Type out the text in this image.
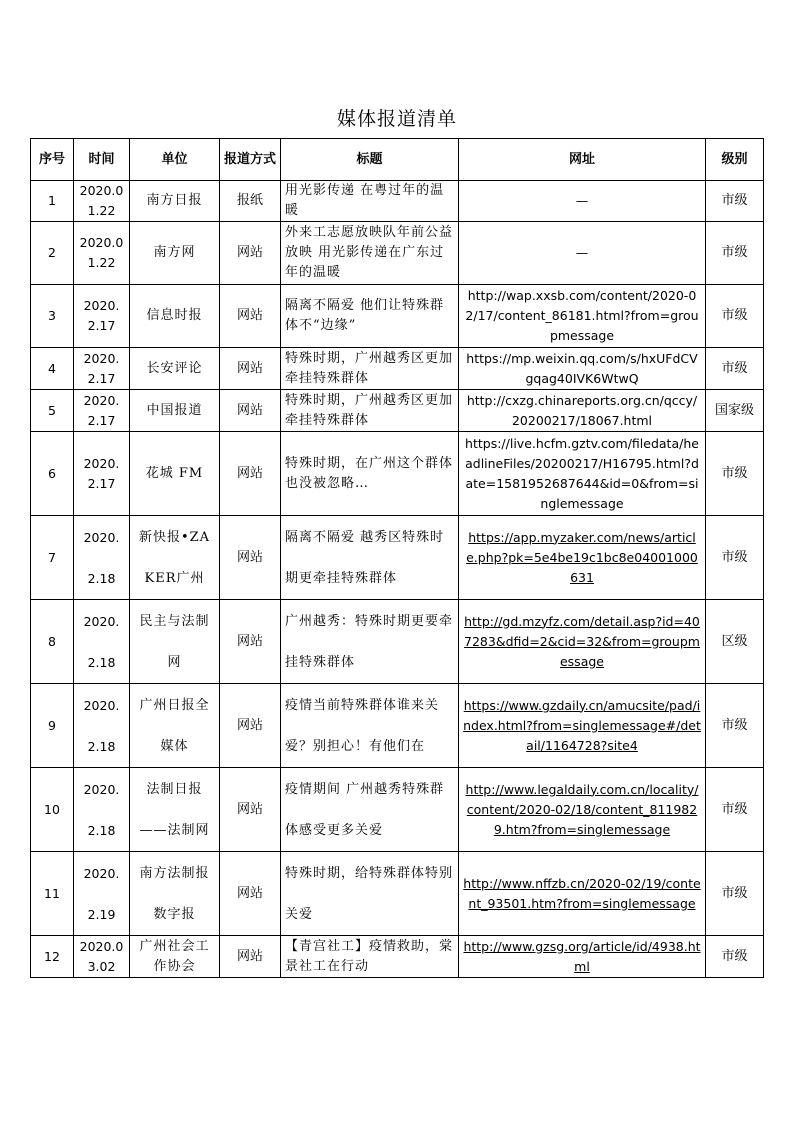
媒体报道清单
序号	时间	单位	报道方式	标题	网址	级别
1	2020.01.22	南方日报	报纸	用光影传递 在粤过年的温暖	—	市级
2	2020.01.22	南方网	网站	外来工志愿放映队年前公益放映 用光影传递在广东过年的温暖	—	市级
3	2020.2.17	信息时报	网站	隔离不隔爱 他们让特殊群体不“边缘”	http://wap.xxsb.com/content/2020-02/17/content_86181.html?from=groupmessage	市级
4	2020.2.17	长安评论	网站	特殊时期，广州越秀区更加牵挂特殊群体	https://mp.weixin.qq.com/s/hxUFdCVgqag40IVK6WtwQ	市级
5	2020.2.17	中国报道	网站	特殊时期，广州越秀区更加牵挂特殊群体	http://cxzg.chinareports.org.cn/qccy/20200217/18067.html	国家级
6	2020.2.17	花城 FM	网站	特殊时期，在广州这个群体也没被忽略…	https://live.hcfm.gztv.com/filedata/headlineFiles/20200217/H16795.html?date=1581952687644&id=0&from=singlemessage	市级
7	2020.2.18	新快报•ZAKER广州	网站	隔离不隔爱 越秀区特殊时期更牵挂特殊群体	https://app.myzaker.com/news/article.php?pk=5e4be19c1bc8e04001000631	市级
8	2020.2.18	民主与法制网	网站	广州越秀：特殊时期更要牵挂特殊群体	http://gd.mzyfz.com/detail.asp?id=407283&dfid=2&cid=32&from=groupmessage	区级
9	2020.2.18	广州日报全媒体	网站	疫情当前特殊群体谁来关爱？别担心！有他们在	https://www.gzdaily.cn/amucsite/pad/index.html?from=singlemessage#/detail/1164728?site4	市级
10	2020.2.18	法制日报——法制网	网站	疫情期间 广州越秀特殊群体感受更多关爱	http://www.legaldaily.com.cn/locality/content/2020-02/18/content_8119829.htm?from=singlemessage	市级
11	2020.2.19	南方法制报数字报	网站	特殊时期，给特殊群体特别关爱	http://www.nffzb.cn/2020-02/19/content_93501.htm?from=singlemessage	市级
12	2020.03.02	广州社会工作协会	网站	【青宫社工】疫情救助，棠景社工在行动	http://www.gzsg.org/article/id/4938.html	市级
